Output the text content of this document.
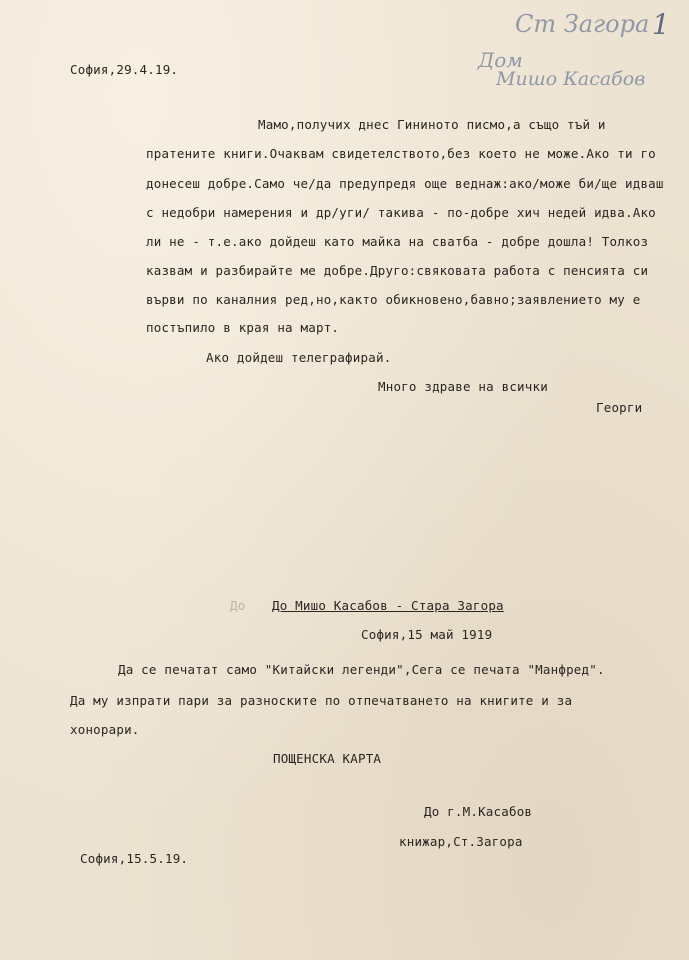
Ст Загора 1
Дом
Мишо Касабов
София,29.4.19.
Мамо,получих днес Гининото писмо,а също тъй и
пратените книги.Очаквам свидетелството,без което не може.Ако ти го
донесеш добре.Само че/да предупредя още веднаж:ако/може би/ще идваш
с недобри намерения и др/уги/ такива - по-добре хич недей идва.Ако
ли не - т.е.ако дойдеш като майка на сватба - добре дошла! Толкоз
казвам и разбирайте ме добре.Друго:свяковата работа с пенсията си
върви по каналния ред,но,както обикновено,бавно;заявлението му е
постъпило в края на март.
Ако дойдеш телеграфирай.
Много здраве на всички
Георги
До До Мишо Касабов - Стара Загора
София,15 май 1919
Да се печатат само "Китайски легенди",Сега се печата "Манфред".
Да му изпрати пари за разноските по отпечатването на книгите и за
хонорари.
ПОЩЕНСКА КАРТА
До г.М.Касабов
книжар,Ст.Загора
София,15.5.19.
